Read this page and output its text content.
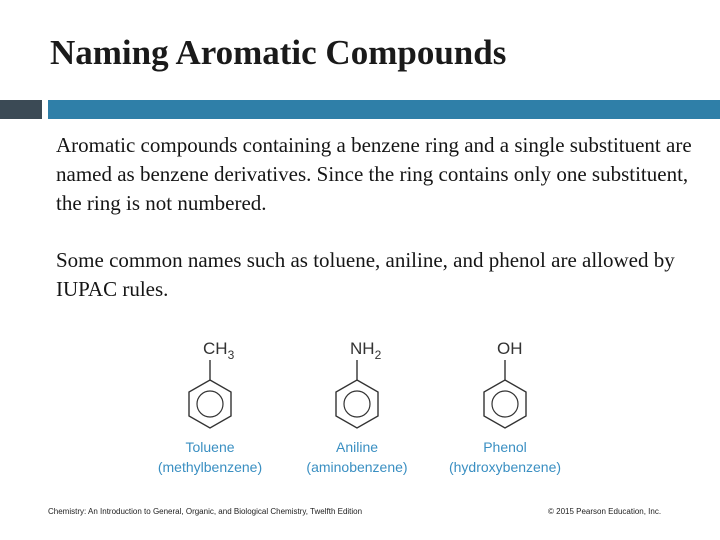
Naming Aromatic Compounds

Aromatic compounds containing a benzene ring and a single substituent are named as benzene derivatives. Since the ring contains only one substituent, the ring is not numbered.

Some common names such as toluene, aniline, and phenol are allowed by IUPAC rules.

$CH_3$
Toluene
(methylbenzene)
$NH_2$
Aniline
(aminobenzene)
OH
Phenol
(hydroxybenzene)

Chemistry: An Introduction to General, Organic, and Biological Chemistry, Twelfth Edition	© 2015 Pearson Education, Inc.
